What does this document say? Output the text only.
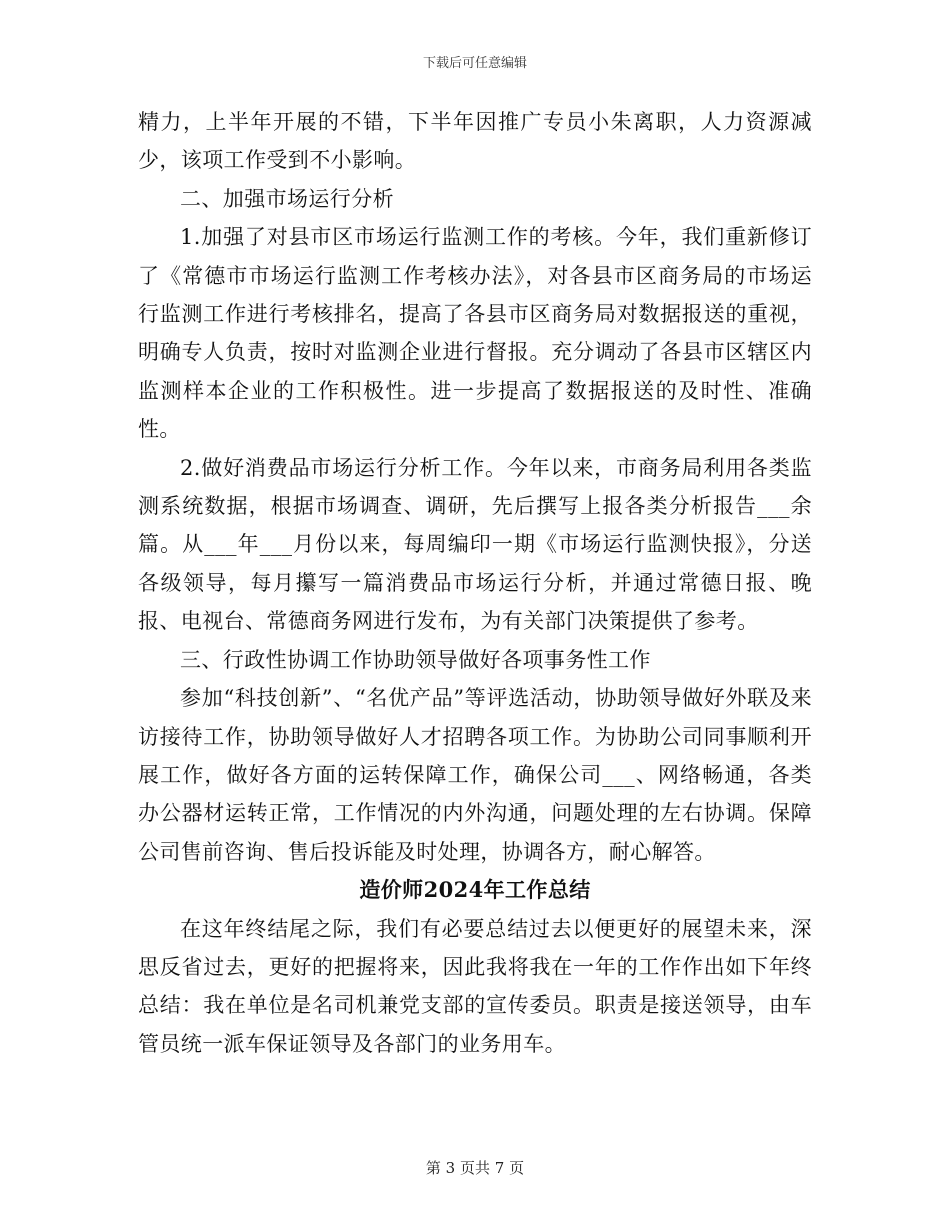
下载后可任意编辑

精力，上半年开展的不错，下半年因推广专员小朱离职，人力资源减少，该项工作受到不小影响。

二、加强市场运行分析

1.加强了对县市区市场运行监测工作的考核。今年，我们重新修订了《常德市市场运行监测工作考核办法》，对各县市区商务局的市场运行监测工作进行考核排名，提高了各县市区商务局对数据报送的重视，明确专人负责，按时对监测企业进行督报。充分调动了各县市区辖区内监测样本企业的工作积极性。进一步提高了数据报送的及时性、准确性。

2.做好消费品市场运行分析工作。今年以来，市商务局利用各类监测系统数据，根据市场调查、调研，先后撰写上报各类分析报告___余篇。从___年___月份以来，每周编印一期《市场运行监测快报》，分送各级领导，每月攥写一篇消费品市场运行分析，并通过常德日报、晚报、电视台、常德商务网进行发布，为有关部门决策提供了参考。

三、行政性协调工作协助领导做好各项事务性工作

参加“科技创新”、“名优产品”等评选活动，协助领导做好外联及来访接待工作，协助领导做好人才招聘各项工作。为协助公司同事顺利开展工作，做好各方面的运转保障工作，确保公司___、网络畅通，各类办公器材运转正常，工作情况的内外沟通，问题处理的左右协调。保障公司售前咨询、售后投诉能及时处理，协调各方，耐心解答。

造价师2024年工作总结

在这年终结尾之际，我们有必要总结过去以便更好的展望未来，深思反省过去，更好的把握将来，因此我将我在一年的工作作出如下年终总结：我在单位是名司机兼党支部的宣传委员。职责是接送领导，由车管员统一派车保证领导及各部门的业务用车。

第 3 页共 7 页
